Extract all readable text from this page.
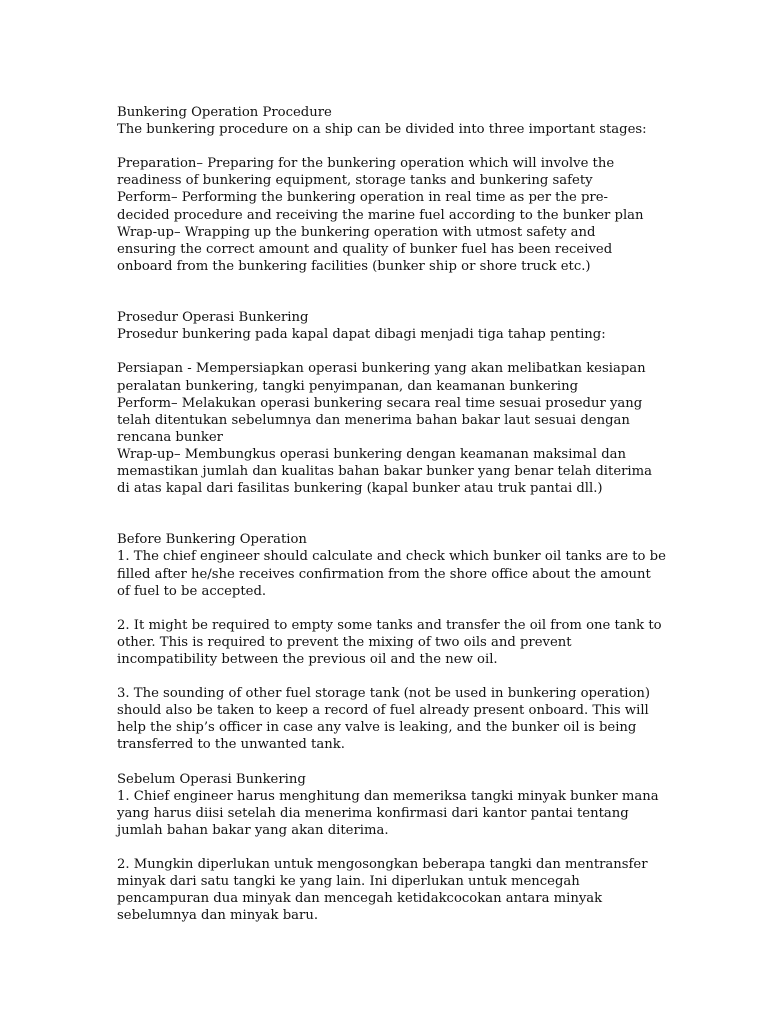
Bunkering Operation Procedure
The bunkering procedure on a ship can be divided into three important stages:
Preparation– Preparing for the bunkering operation which will involve the
readiness of bunkering equipment, storage tanks and bunkering safety
Perform– Performing the bunkering operation in real time as per the pre-
decided procedure and receiving the marine fuel according to the bunker plan
Wrap-up– Wrapping up the bunkering operation with utmost safety and
ensuring the correct amount and quality of bunker fuel has been received
onboard from the bunkering facilities (bunker ship or shore truck etc.)
Prosedur Operasi Bunkering
Prosedur bunkering pada kapal dapat dibagi menjadi tiga tahap penting:
Persiapan - Mempersiapkan operasi bunkering yang akan melibatkan kesiapan
peralatan bunkering, tangki penyimpanan, dan keamanan bunkering
Perform– Melakukan operasi bunkering secara real time sesuai prosedur yang
telah ditentukan sebelumnya dan menerima bahan bakar laut sesuai dengan
rencana bunker
Wrap-up– Membungkus operasi bunkering dengan keamanan maksimal dan
memastikan jumlah dan kualitas bahan bakar bunker yang benar telah diterima
di atas kapal dari fasilitas bunkering (kapal bunker atau truk pantai dll.)
Before Bunkering Operation
1. The chief engineer should calculate and check which bunker oil tanks are to be
filled after he/she receives confirmation from the shore office about the amount
of fuel to be accepted.
2. It might be required to empty some tanks and transfer the oil from one tank to
other. This is required to prevent the mixing of two oils and prevent
incompatibility between the previous oil and the new oil.
3. The sounding of other fuel storage tank (not be used in bunkering operation)
should also be taken to keep a record of fuel already present onboard. This will
help the ship’s officer in case any valve is leaking, and the bunker oil is being
transferred to the unwanted tank.
Sebelum Operasi Bunkering
1. Chief engineer harus menghitung dan memeriksa tangki minyak bunker mana
yang harus diisi setelah dia menerima konfirmasi dari kantor pantai tentang
jumlah bahan bakar yang akan diterima.
2. Mungkin diperlukan untuk mengosongkan beberapa tangki dan mentransfer
minyak dari satu tangki ke yang lain. Ini diperlukan untuk mencegah
pencampuran dua minyak dan mencegah ketidakcocokan antara minyak
sebelumnya dan minyak baru.
